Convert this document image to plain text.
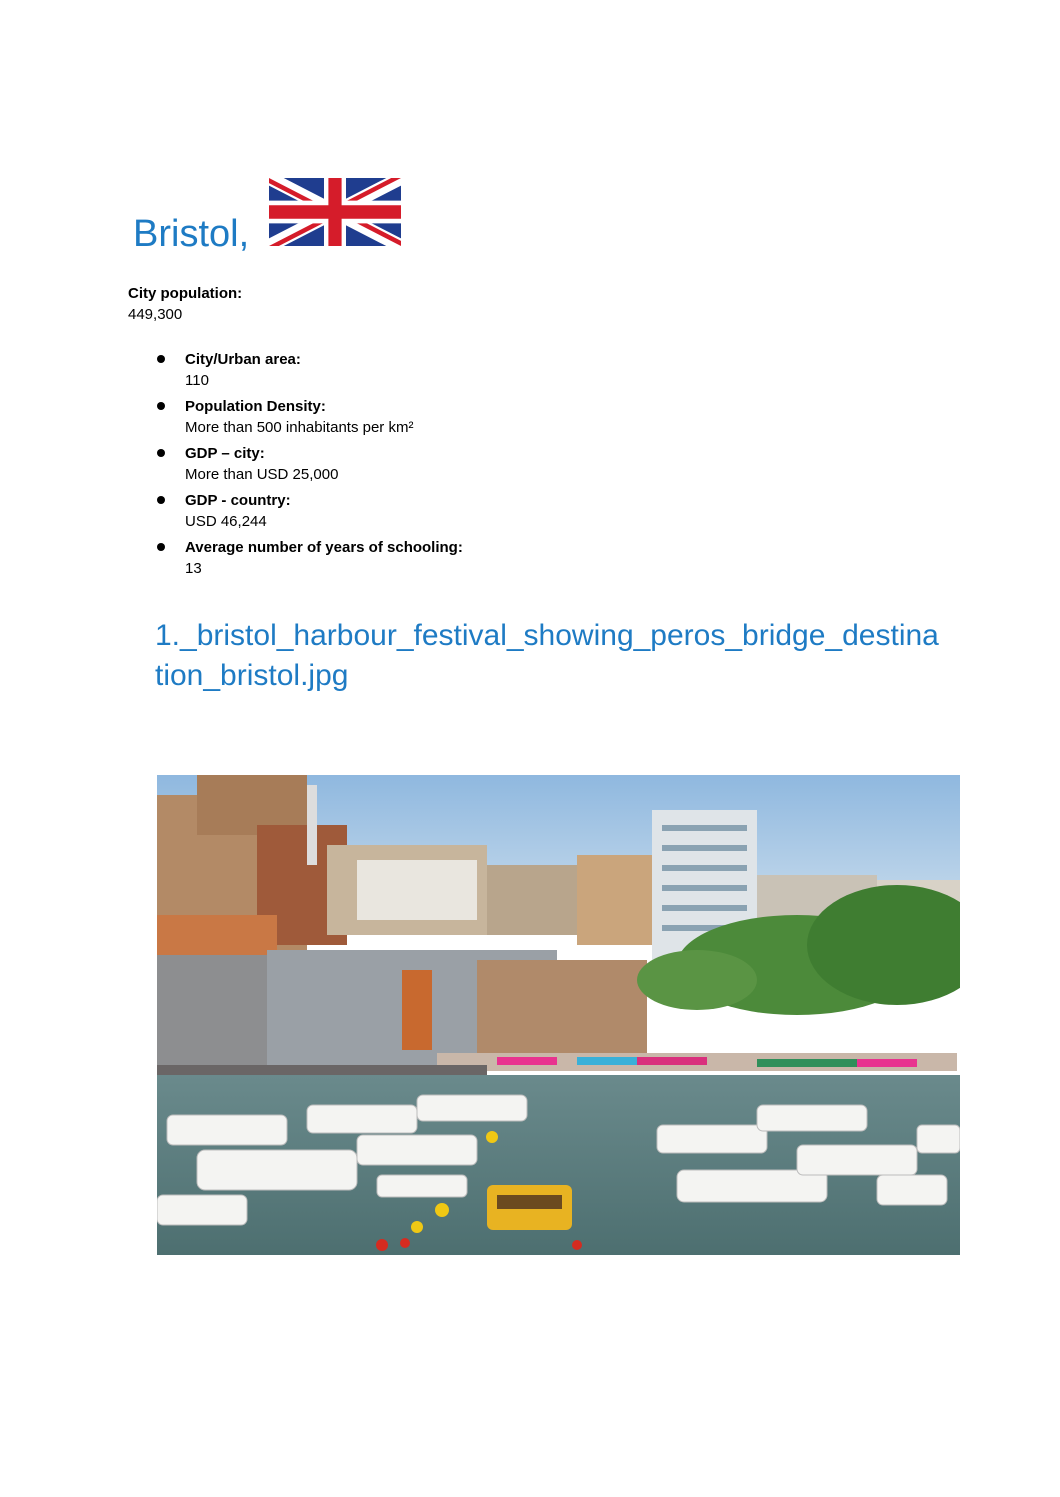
Bristol,
City population:
449,300
City/Urban area:
110
Population Density:
More than 500 inhabitants per km²
GDP – city:
More than USD 25,000
GDP - country:
USD 46,244
Average number of years of schooling:
13
1._bristol_harbour_festival_showing_peros_bridge_destination_bristol.jpg
